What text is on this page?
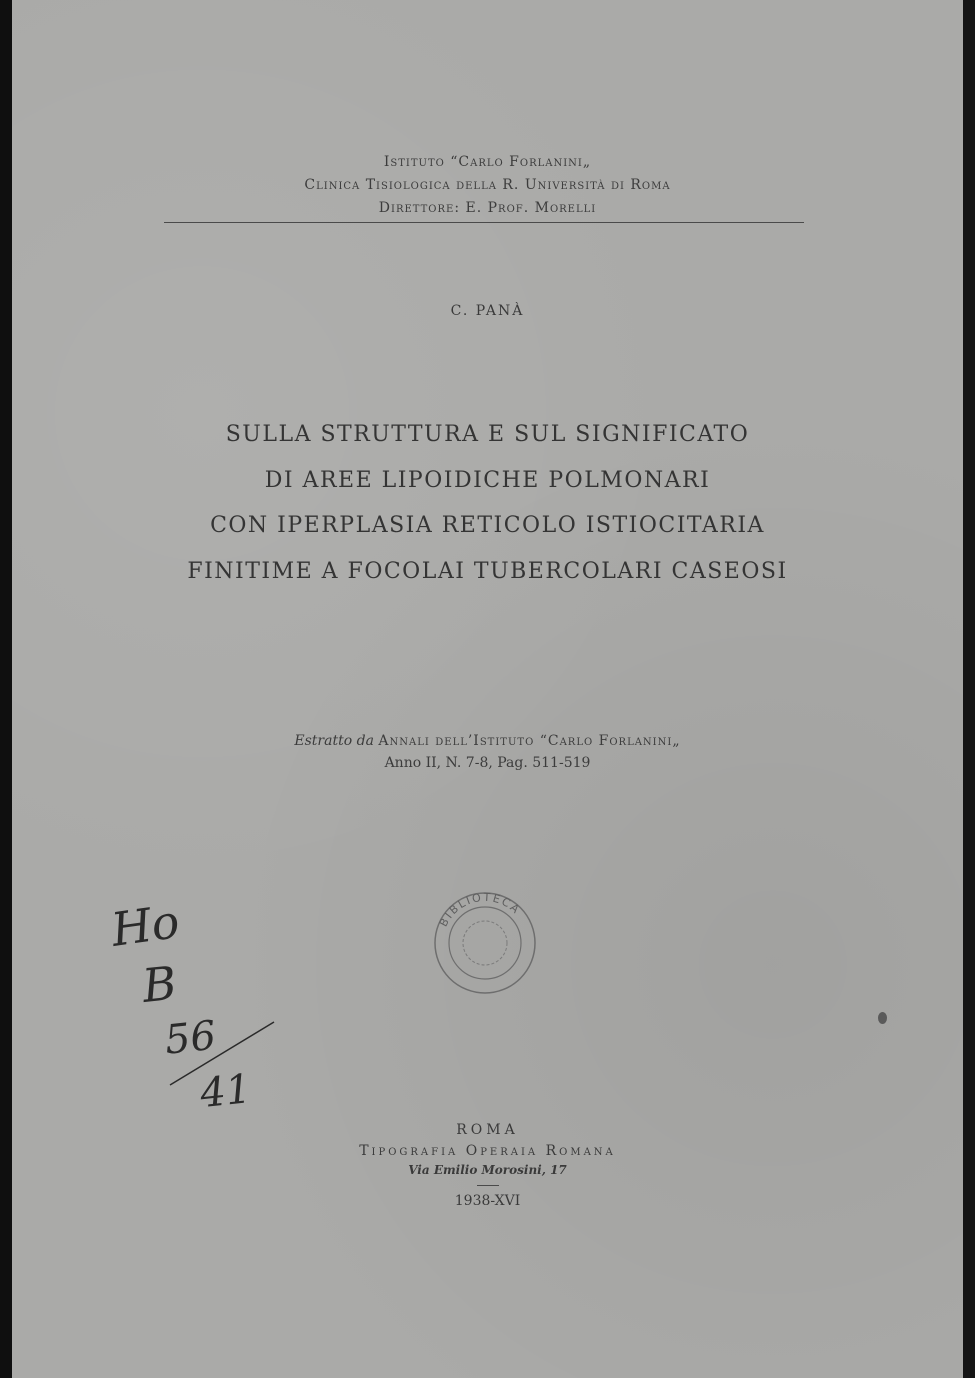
Istituto “Carlo Forlanini„
Clinica Tisiologica della R. Università di Roma
Direttore: E. Prof. Morelli
C. PANÀ
SULLA STRUTTURA E SUL SIGNIFICATO
DI AREE LIPOIDICHE POLMONARI
CON IPERPLASIA RETICOLO ISTIOCITARIA
FINITIME A FOCOLAI TUBERCOLARI CASEOSI
Estratto da Annali dell’Istituto “Carlo Forlanini„
Anno II, N. 7-8, Pag. 511-519
Ho
B
56
41
BIBLIOTECA
ROMA
Tipografia Operaia Romana
Via Emilio Morosini, 17
1938-XVI
